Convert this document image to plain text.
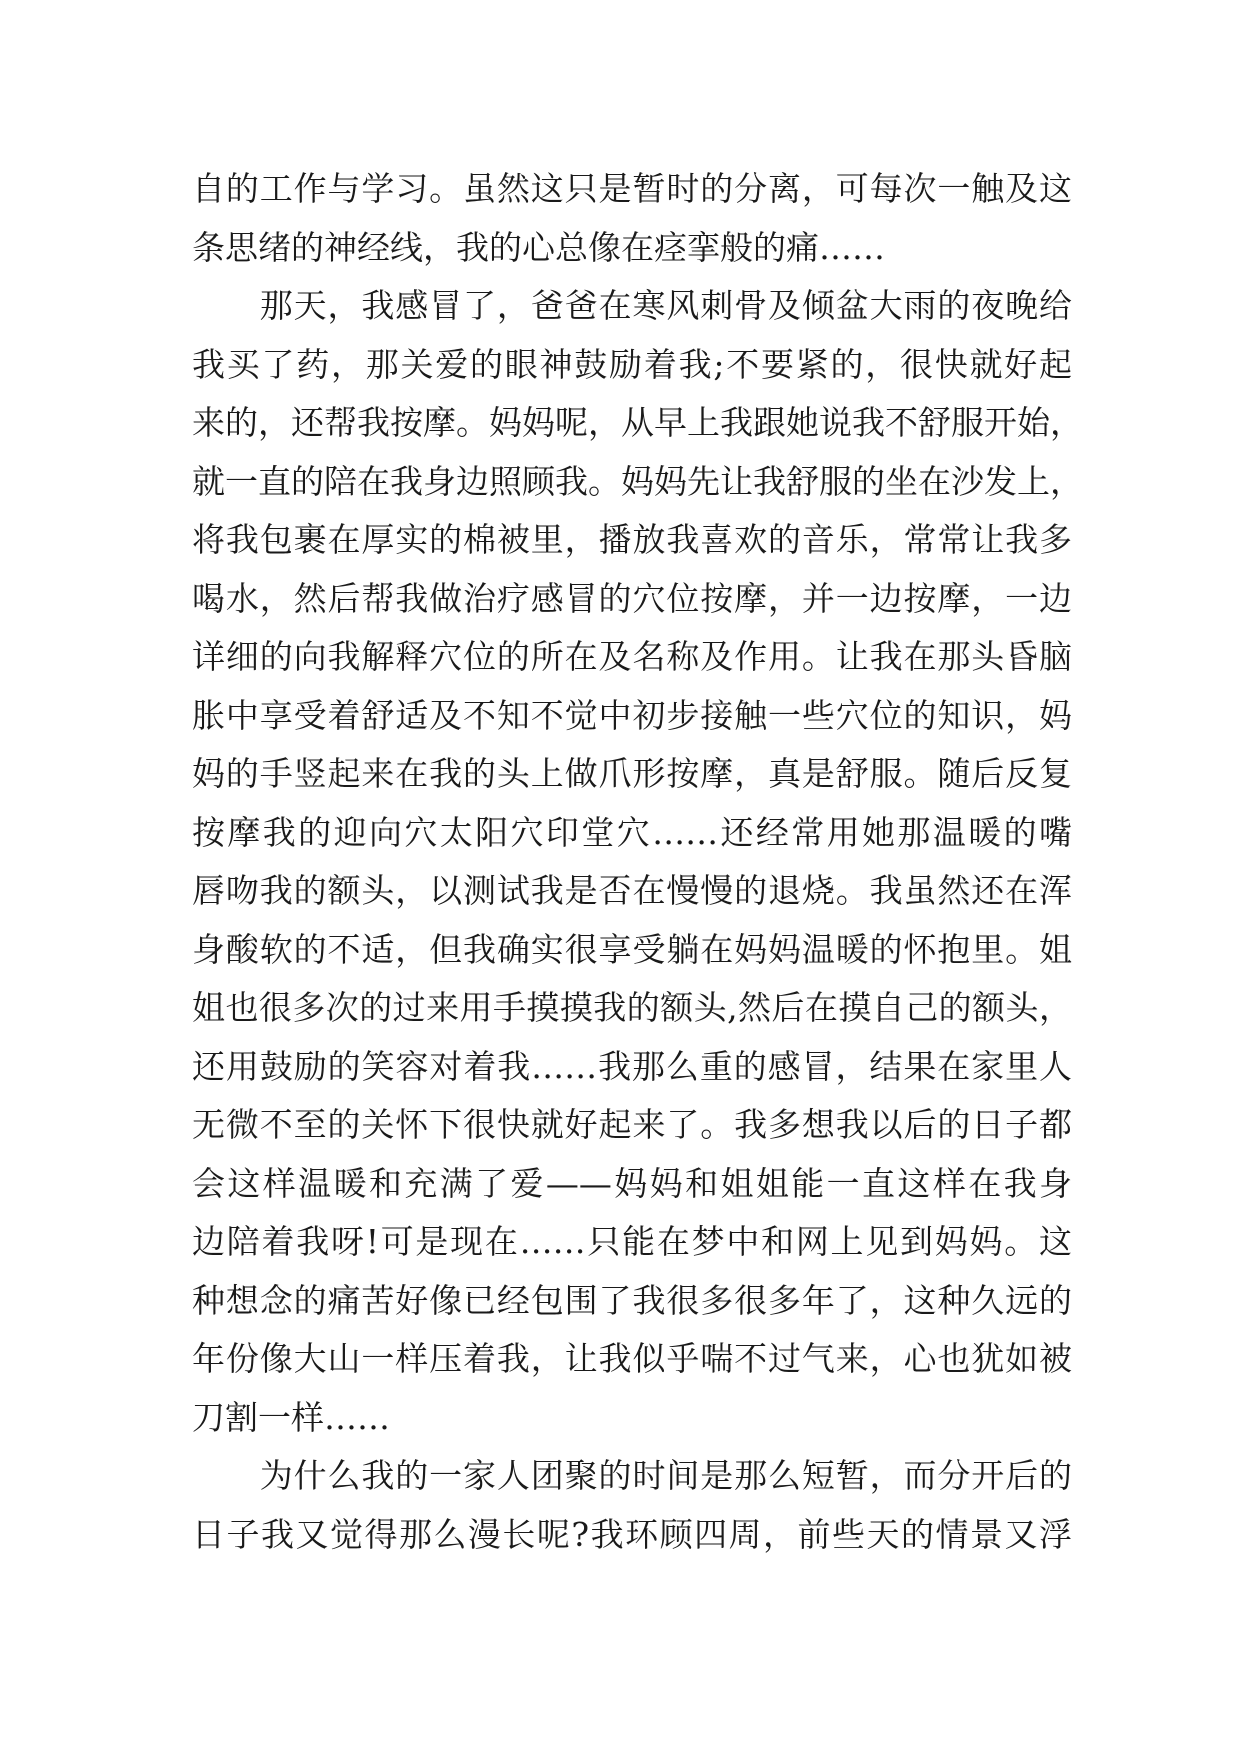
自的工作与学习。虽然这只是暂时的分离，可每次一触及这
条思绪的神经线，我的心总像在痉挛般的痛……
　　那天，我感冒了，爸爸在寒风刺骨及倾盆大雨的夜晚给
我买了药，那关爱的眼神鼓励着我;不要紧的，很快就好起
来的，还帮我按摩。妈妈呢，从早上我跟她说我不舒服开始，
就一直的陪在我身边照顾我。妈妈先让我舒服的坐在沙发上，
将我包裹在厚实的棉被里，播放我喜欢的音乐，常常让我多
喝水，然后帮我做治疗感冒的穴位按摩，并一边按摩，一边
详细的向我解释穴位的所在及名称及作用。让我在那头昏脑
胀中享受着舒适及不知不觉中初步接触一些穴位的知识，妈
妈的手竖起来在我的头上做爪形按摩，真是舒服。随后反复
按摩我的迎向穴太阳穴印堂穴……还经常用她那温暖的嘴
唇吻我的额头，以测试我是否在慢慢的退烧。我虽然还在浑
身酸软的不适，但我确实很享受躺在妈妈温暖的怀抱里。姐
姐也很多次的过来用手摸摸我的额头,然后在摸自己的额头，
还用鼓励的笑容对着我……我那么重的感冒，结果在家里人
无微不至的关怀下很快就好起来了。我多想我以后的日子都
会这样温暖和充满了爱——妈妈和姐姐能一直这样在我身
边陪着我呀!可是现在……只能在梦中和网上见到妈妈。这
种想念的痛苦好像已经包围了我很多很多年了，这种久远的
年份像大山一样压着我，让我似乎喘不过气来，心也犹如被
刀割一样……
　　为什么我的一家人团聚的时间是那么短暂，而分开后的
日子我又觉得那么漫长呢?我环顾四周，前些天的情景又浮
